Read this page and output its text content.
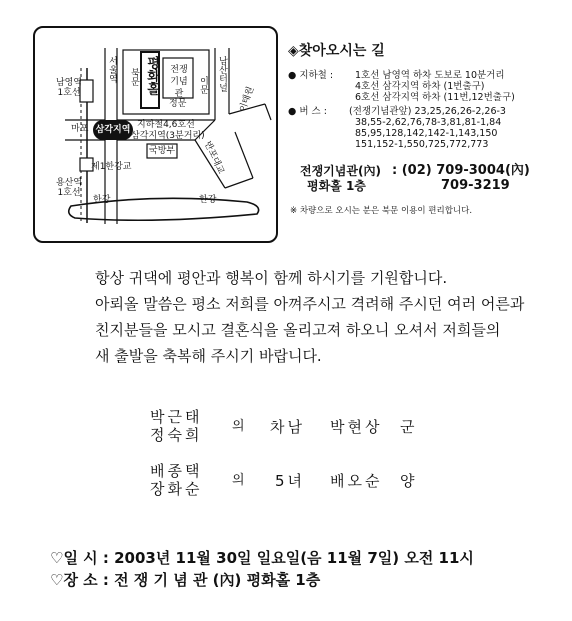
남영역
1호선
서울역 북문 평화홀	전쟁기념관
정문
이문 남산터널
이태원
마포 삼각지역 지하철4,6호선
삼각지역(3분거리)
국방부
제1한강교
용산역
1호선
한강	한강
반포대교
◈찾아오시는 길
● 지하철 : 1호선 남영역 하차 도보로 10분거리
4호선 삼각지역 하차 (1번출구)
6호선 삼각지역 하차 (11번,12번출구)
● 버 스 : (전쟁기념관앞) 23,25,26,26-2,26-3
38,55-2,62,76,78-3,81,81-1,84
85,95,128,142,142-1,143,150
151,152-1,550,725,772,773
전쟁기념관(內)
평화홀 1층
: (02) 709-3004(內)
709-3219
※ 차량으로 오시는 분은 북문 이용이 편리합니다.

항상 귀댁에 평안과 행복이 함께 하시기를 기원합니다.

아뢰올 말씀은 평소 저희를 아껴주시고 격려해 주시던 여러 어른과

친지분들을 모시고 결혼식을 올리고져 하오니 오셔서 저희들의

새 출발을 축복해 주시기 바랍니다.

박근태
정숙희 의 차남 박현상 군
배종택
장화순 의 5녀 배오순 양
♡일 시 : 2003년 11월 30일 일요일(음 11월 7일) 오전 11시
♡장 소 : 전 쟁 기 념 관 (內) 평화홀 1층
